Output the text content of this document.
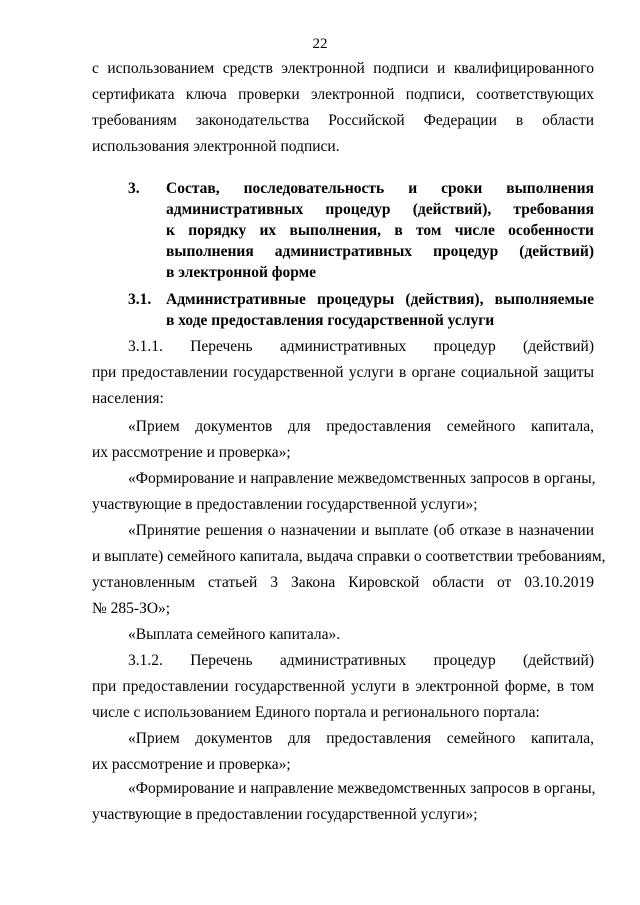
22
с использованием средств электронной подписи и квалифицированного
сертификата ключа проверки электронной подписи, соответствующих
требованиям законодательства Российской Федерации в области
использования электронной подписи.
3. Состав, последовательность и сроки выполнения
административных процедур (действий), требования
к порядку их выполнения, в том числе особенности
выполнения административных процедур (действий)
в электронной форме
3.1. Административные процедуры (действия), выполняемые
в ходе предоставления государственной услуги
3.1.1. Перечень административных процедур (действий)
при предоставлении государственной услуги в органе социальной защиты
населения:
«Прием документов для предоставления семейного капитала,
их рассмотрение и проверка»;
«Формирование и направление межведомственных запросов в органы,
участвующие в предоставлении государственной услуги»;
«Принятие решения о назначении и выплате (об отказе в назначении
и выплате) семейного капитала, выдача справки о соответствии требованиям,
установленным статьей 3 Закона Кировской области от 03.10.2019
№ 285-ЗО»;
«Выплата семейного капитала».
3.1.2. Перечень административных процедур (действий)
при предоставлении государственной услуги в электронной форме, в том
числе с использованием Единого портала и регионального портала:
«Прием документов для предоставления семейного капитала,
их рассмотрение и проверка»;
«Формирование и направление межведомственных запросов в органы,
участвующие в предоставлении государственной услуги»;
